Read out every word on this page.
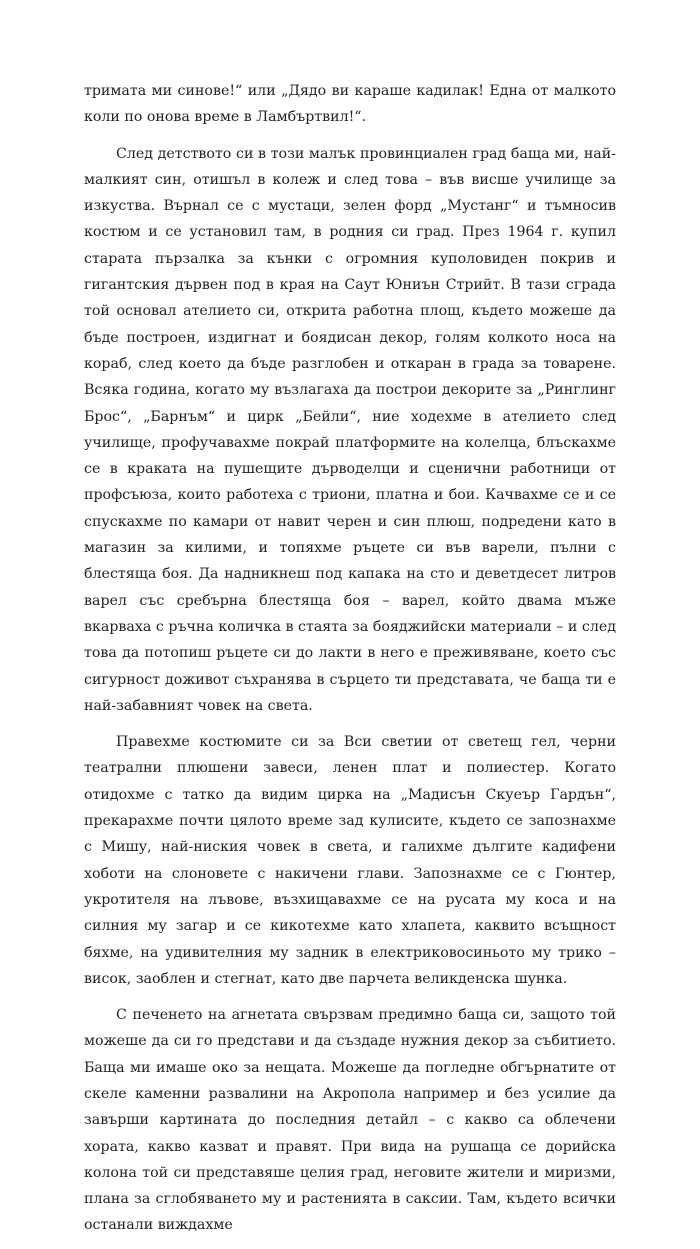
тримата ми синове!“ или „Дядо ви караше кадилак! Една от малкото коли по онова време в Ламбъртвил!“.

След детството си в този малък провинциален град баща ми, най-малкият син, отишъл в колеж и след това – във висше училище за изкуства. Върнал се с мустаци, зелен форд „Мустанг“ и тъмносив костюм и се установил там, в родния си град. През 1964 г. купил старата пързалка за кънки с огромния куполовиден покрив и гигантския дървен под в края на Саут Юниън Стрийт. В тази сграда той основал ателието си, открита работна площ, където можеше да бъде построен, издигнат и боядисан декор, голям колкото носа на кораб, след което да бъде разглобен и откаран в града за товарене. Всяка година, когато му възлагаха да построи декорите за „Ринглинг Брос“, „Барнъм“ и цирк „Бейли“, ние ходехме в ателието след училище, профучавахме покрай платформите на колелца, блъскахме се в краката на пушещите дърводелци и сценични работници от профсъюза, които работеха с триони, платна и бои. Качвахме се и се спускахме по камари от навит черен и син плюш, подредени като в магазин за килими, и топяхме ръцете си във варели, пълни с блестяща боя. Да надникнеш под капака на сто и деветдесет литров варел със сребърна блестяща боя – варел, който двама мъже вкарваха с ръчна количка в стаята за бояджийски материали – и след това да потопиш ръцете си до лакти в него е преживяване, което със сигурност доживот съхранява в сърцето ти представата, че баща ти е най-забавният човек на света.

Правехме костюмите си за Вси светии от светещ гел, черни театрални плюшени завеси, ленен плат и полиестер. Когато отидохме с татко да видим цирка на „Мадисън Скуеър Гардън“, прекарахме почти цялото време зад кулисите, където се запознахме с Мишу, най-ниския човек в света, и галихме дългите кадифени хоботи на слоновете с накичени глави. Запознахме се с Гюнтер, укротителя на лъвове, възхищавахме се на русата му коса и на силния му загар и се кикотехме като хлапета, каквито всъщност бяхме, на удивителния му задник в електриковосиньото му трико – висок, заоблен и стегнат, като две парчета великденска шунка.

С печенето на агнетата свързвам предимно баща си, защото той можеше да си го представи и да създаде нужния декор за събитието. Баща ми имаше око за нещата. Можеше да погледне обгърнатите от скеле каменни развалини на Акропола например и без усилие да завърши картината до последния детайл – с какво са облечени хората, какво казват и правят. При вида на рушаща се дорийска колона той си представяше целия град, неговите жители и миризми, плана за сглобяването му и растенията в саксии. Там, където всички останали виждахме
